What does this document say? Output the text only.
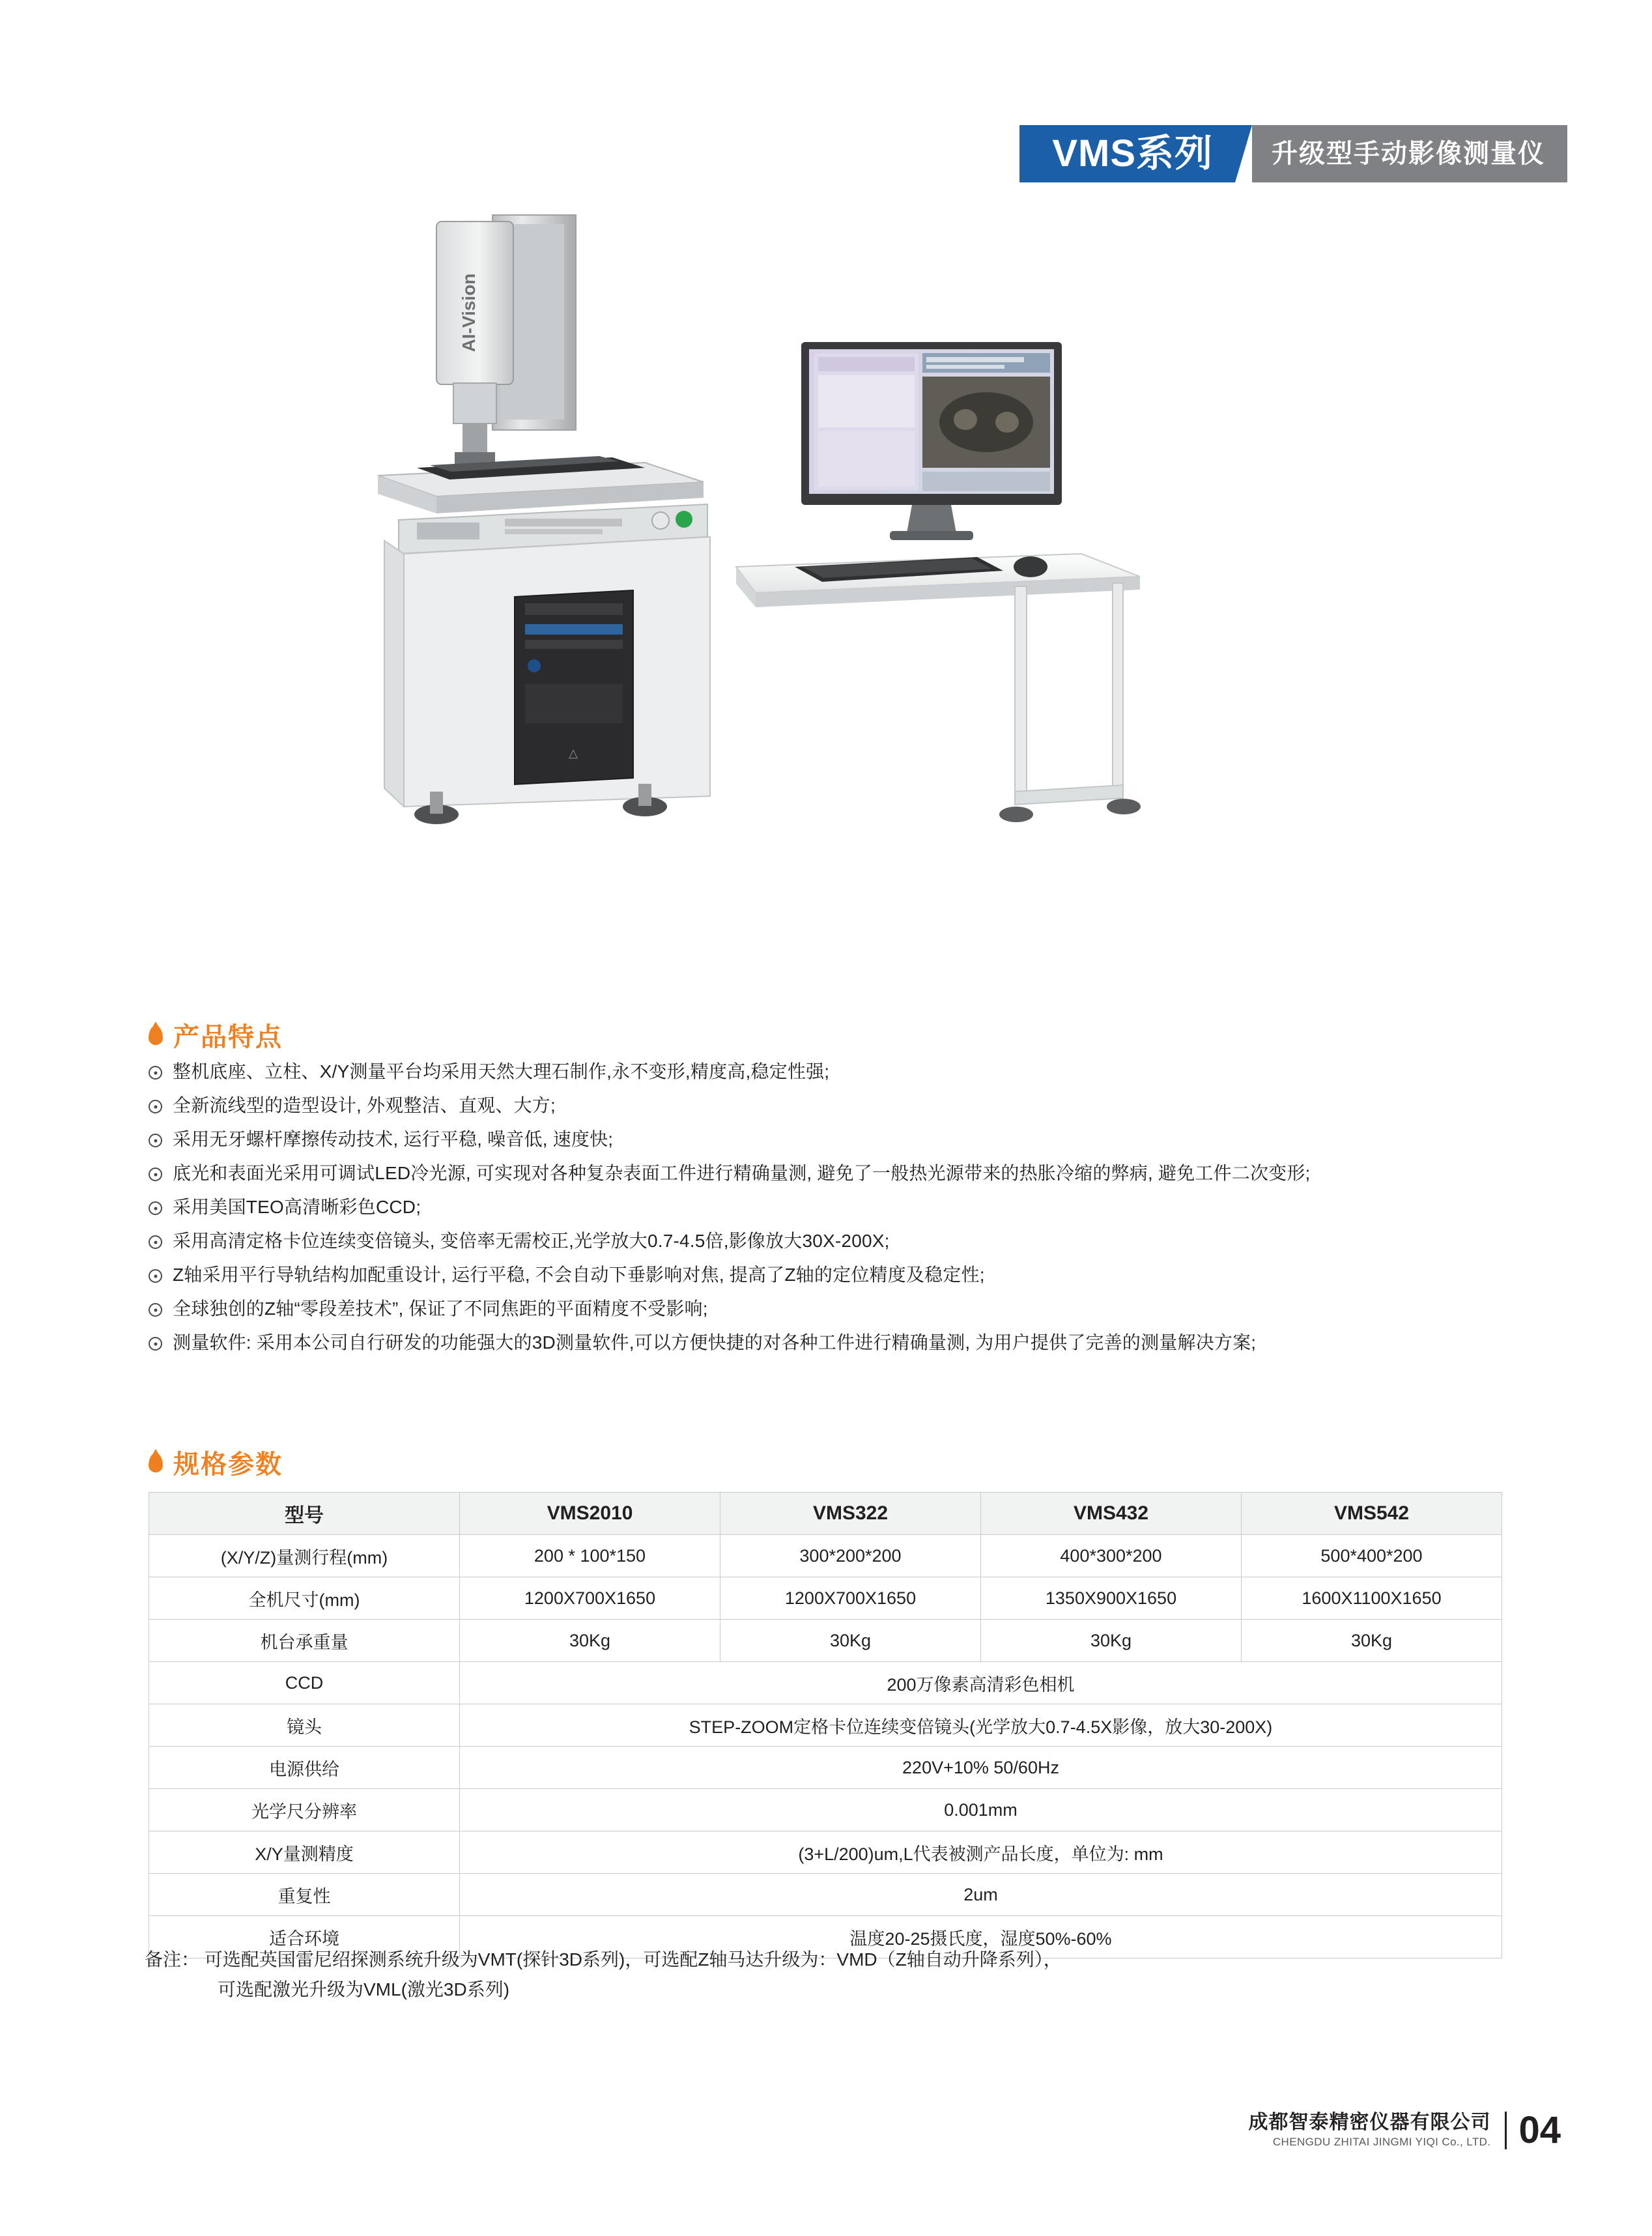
VMS系列 升级型手动影像测量仪
AI-Vision
△
产品特点
整机底座、立柱、X/Y测量平台均采用天然大理石制作,永不变形,精度高,稳定性强;
全新流线型的造型设计, 外观整洁、直观、大方;
采用无牙螺杆摩擦传动技术, 运行平稳, 噪音低, 速度快;
底光和表面光采用可调试LED冷光源, 可实现对各种复杂表面工件进行精确量测, 避免了一般热光源带来的热胀冷缩的弊病, 避免工件二次变形;
采用美国TEO高清晰彩色CCD;
采用高清定格卡位连续变倍镜头, 变倍率无需校正,光学放大0.7-4.5倍,影像放大30X-200X;
Z轴采用平行导轨结构加配重设计, 运行平稳, 不会自动下垂影响对焦, 提高了Z轴的定位精度及稳定性;
全球独创的Z轴“零段差技术”, 保证了不同焦距的平面精度不受影响;
测量软件: 采用本公司自行研发的功能强大的3D测量软件,可以方便快捷的对各种工件进行精确量测, 为用户提供了完善的测量解决方案;
规格参数
型号	VMS2010	VMS322	VMS432	VMS542
(X/Y/Z)量测行程(mm)	200 * 100*150	300*200*200	400*300*200	500*400*200
全机尺寸(mm)	1200X700X1650	1200X700X1650	1350X900X1650	1600X1100X1650
机台承重量	30Kg	30Kg	30Kg	30Kg
CCD	200万像素高清彩色相机			
镜头	STEP-ZOOM定格卡位连续变倍镜头(光学放大0.7-4.5X影像，放大30-200X)			
电源供给	220V+10% 50/60Hz			
光学尺分辨率	0.001mm			
X/Y量测精度	(3+L/200)um,L代表被测产品长度，单位为: mm			
重复性	2um			
适合环境	温度20-25摄氏度，湿度50%-60%			
备注： 可选配英国雷尼绍探测系统升级为VMT(探针3D系列)，可选配Z轴马达升级为：VMD（Z轴自动升降系列），
可选配激光升级为VML(激光3D系列)
成都智泰精密仪器有限公司
CHENGDU ZHITAI JINGMI YIQI Co., LTD. 04
